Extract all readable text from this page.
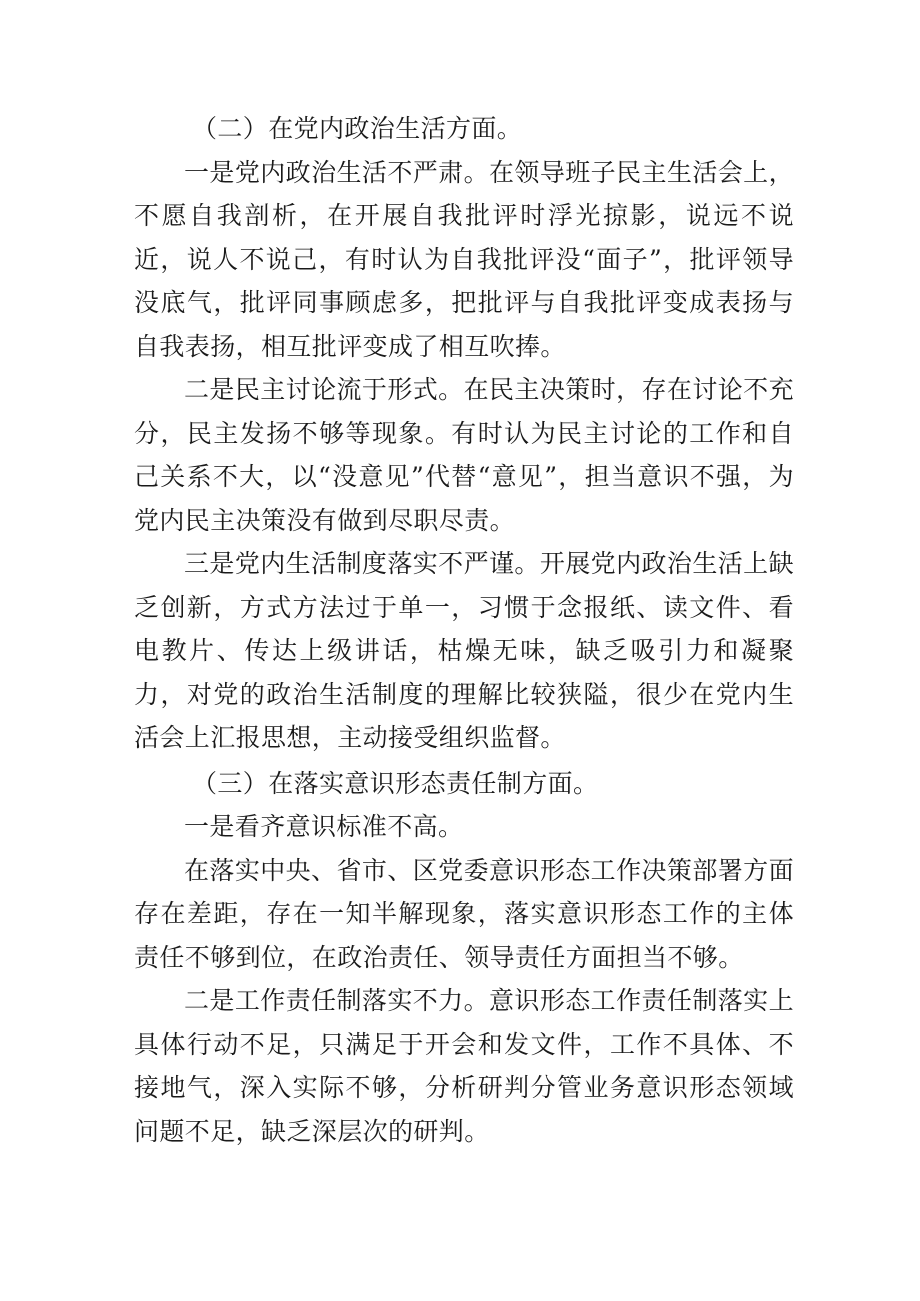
（二）在党内政治生活方面。

一是党内政治生活不严肃。在领导班子民主生活会上，不愿自我剖析，在开展自我批评时浮光掠影，说远不说近，说人不说己，有时认为自我批评没“面子”，批评领导没底气，批评同事顾虑多，把批评与自我批评变成表扬与自我表扬，相互批评变成了相互吹捧。

二是民主讨论流于形式。在民主决策时，存在讨论不充分，民主发扬不够等现象。有时认为民主讨论的工作和自己关系不大，以“没意见”代替“意见”，担当意识不强，为党内民主决策没有做到尽职尽责。

三是党内生活制度落实不严谨。开展党内政治生活上缺乏创新，方式方法过于单一，习惯于念报纸、读文件、看电教片、传达上级讲话，枯燥无味，缺乏吸引力和凝聚力，对党的政治生活制度的理解比较狭隘，很少在党内生活会上汇报思想，主动接受组织监督。

（三）在落实意识形态责任制方面。

一是看齐意识标准不高。

在落实中央、省市、区党委意识形态工作决策部署方面存在差距，存在一知半解现象，落实意识形态工作的主体责任不够到位，在政治责任、领导责任方面担当不够。

二是工作责任制落实不力。意识形态工作责任制落实上具体行动不足，只满足于开会和发文件，工作不具体、不接地气，深入实际不够，分析研判分管业务意识形态领域问题不足，缺乏深层次的研判。
